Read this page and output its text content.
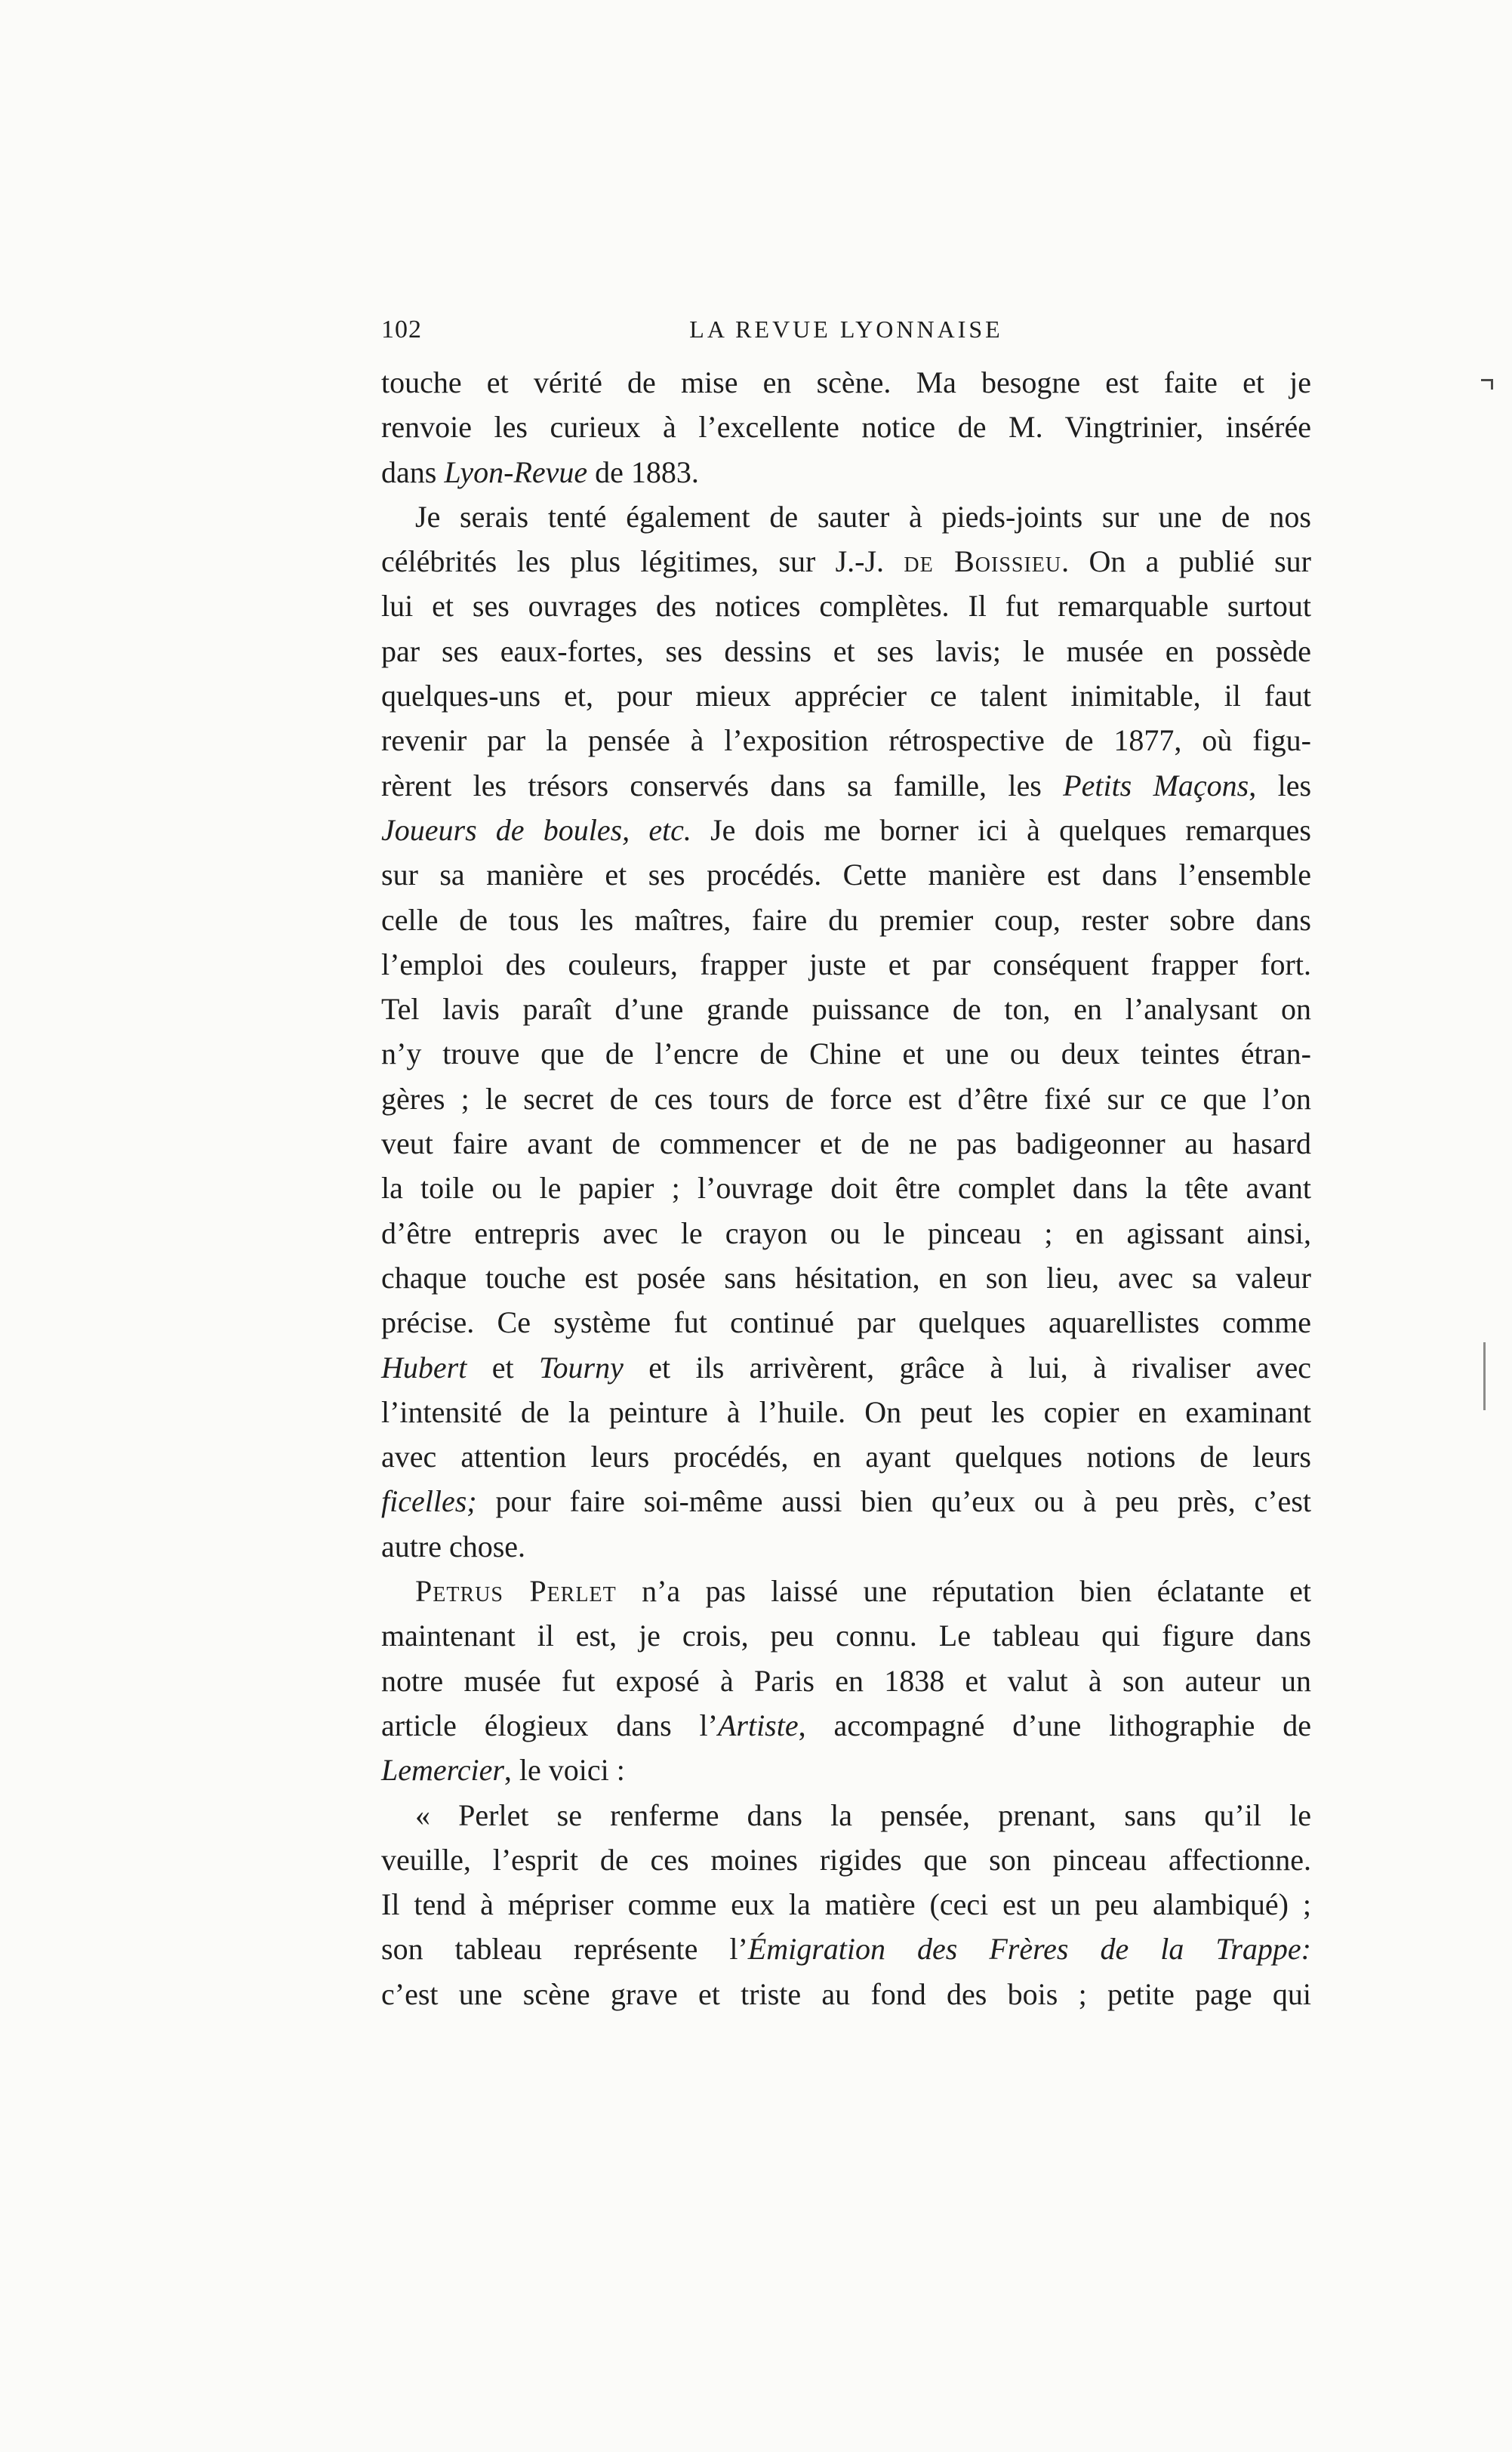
102	LA REVUE LYONNAISE
touche et vérité de mise en scène. Ma besogne est faite et je
renvoie les curieux à l’excellente notice de M. Vingtrinier, insérée
dans Lyon-Revue de 1883.
Je serais tenté également de sauter à pieds-joints sur une de nos
célébrités les plus légitimes, sur J.-J. de Boissieu. On a publié sur
lui et ses ouvrages des notices complètes. Il fut remarquable surtout
par ses eaux-fortes, ses dessins et ses lavis; le musée en possède
quelques-uns et, pour mieux apprécier ce talent inimitable, il faut
revenir par la pensée à l’exposition rétrospective de 1877, où figu-
rèrent les trésors conservés dans sa famille, les Petits Maçons, les
Joueurs de boules, etc. Je dois me borner ici à quelques remarques
sur sa manière et ses procédés. Cette manière est dans l’ensemble
celle de tous les maîtres, faire du premier coup, rester sobre dans
l’emploi des couleurs, frapper juste et par conséquent frapper fort.
Tel lavis paraît d’une grande puissance de ton, en l’analysant on
n’y trouve que de l’encre de Chine et une ou deux teintes étran-
gères ; le secret de ces tours de force est d’être fixé sur ce que l’on
veut faire avant de commencer et de ne pas badigeonner au hasard
la toile ou le papier ; l’ouvrage doit être complet dans la tête avant
d’être entrepris avec le crayon ou le pinceau ; en agissant ainsi,
chaque touche est posée sans hésitation, en son lieu, avec sa valeur
précise. Ce système fut continué par quelques aquarellistes comme
Hubert et Tourny et ils arrivèrent, grâce à lui, à rivaliser avec
l’intensité de la peinture à l’huile. On peut les copier en examinant
avec attention leurs procédés, en ayant quelques notions de leurs
ficelles; pour faire soi-même aussi bien qu’eux ou à peu près, c’est
autre chose.
Petrus Perlet n’a pas laissé une réputation bien éclatante et
maintenant il est, je crois, peu connu. Le tableau qui figure dans
notre musée fut exposé à Paris en 1838 et valut à son auteur un
article élogieux dans l’Artiste, accompagné d’une lithographie de
Lemercier, le voici :
« Perlet se renferme dans la pensée, prenant, sans qu’il le
veuille, l’esprit de ces moines rigides que son pinceau affectionne.
Il tend à mépriser comme eux la matière (ceci est un peu alambiqué) ;
son tableau représente l’Émigration des Frères de la Trappe:
c’est une scène grave et triste au fond des bois ; petite page qui
